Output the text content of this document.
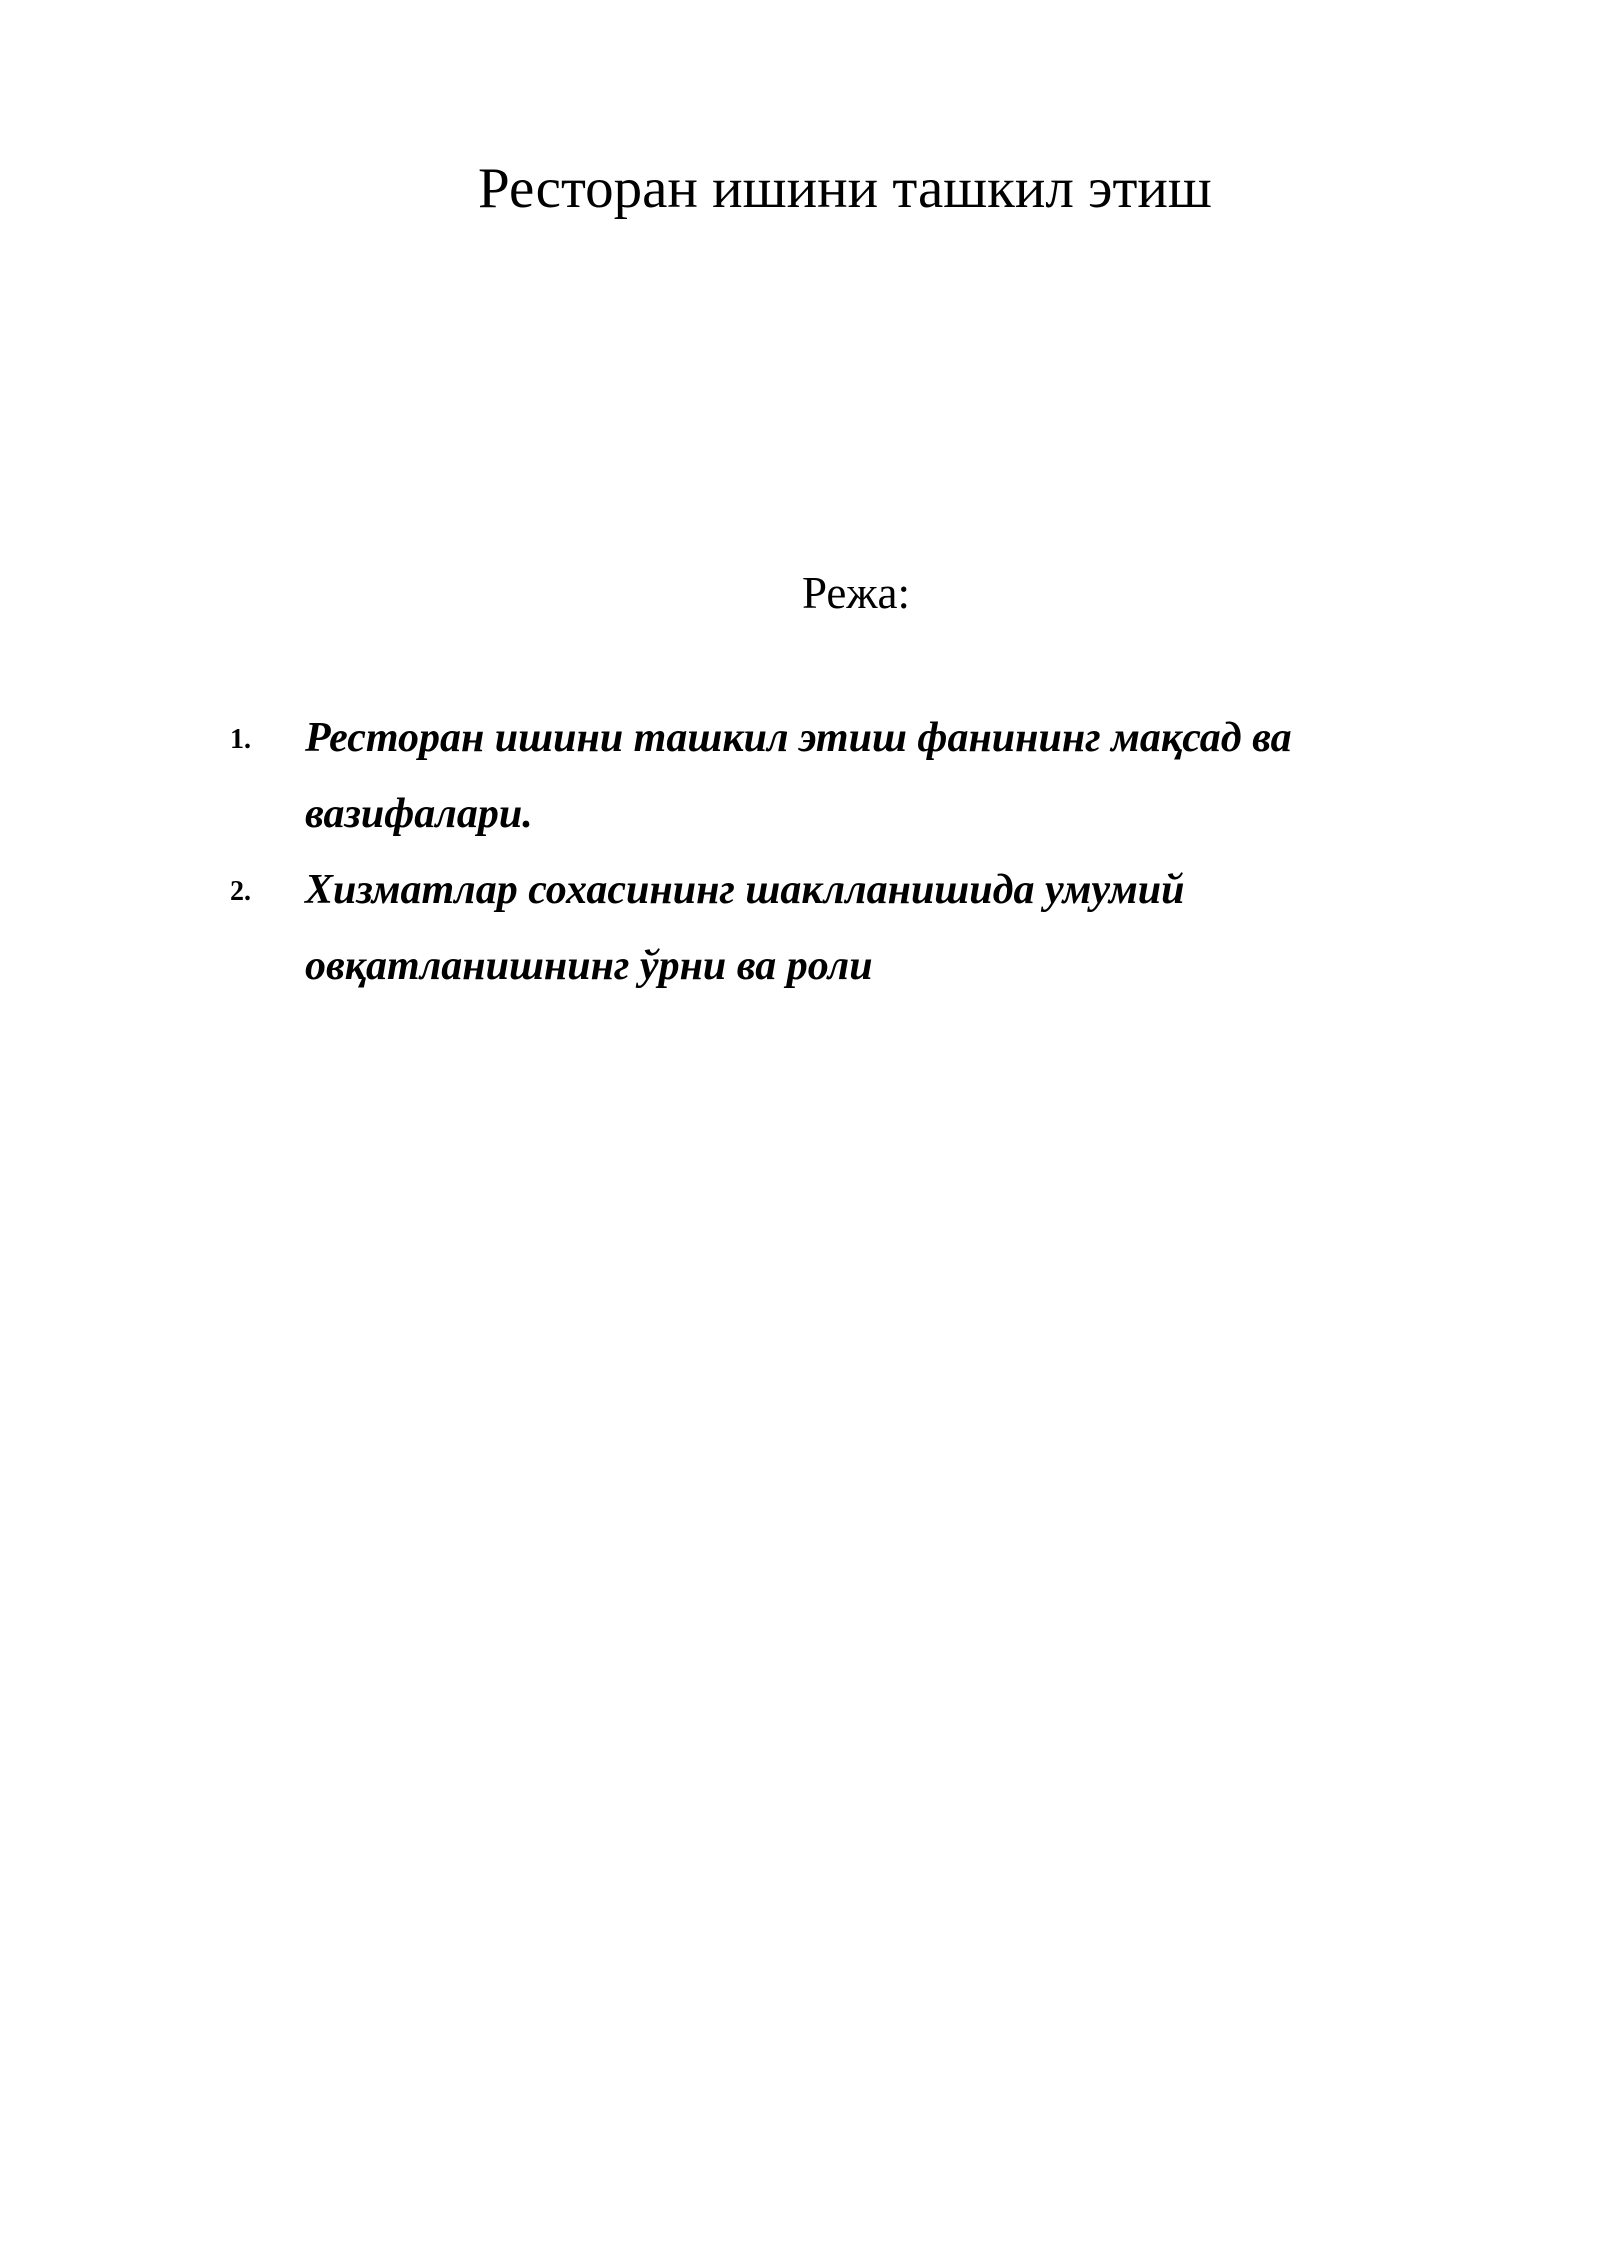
Ресторан ишини ташкил этиш
Режа:
1. Ресторан ишини ташкил этиш фанининг мақсад ва
вазифалари.
2. Хизматлар сохасининг шаклланишида умумий
овқатланишнинг ўрни ва роли
